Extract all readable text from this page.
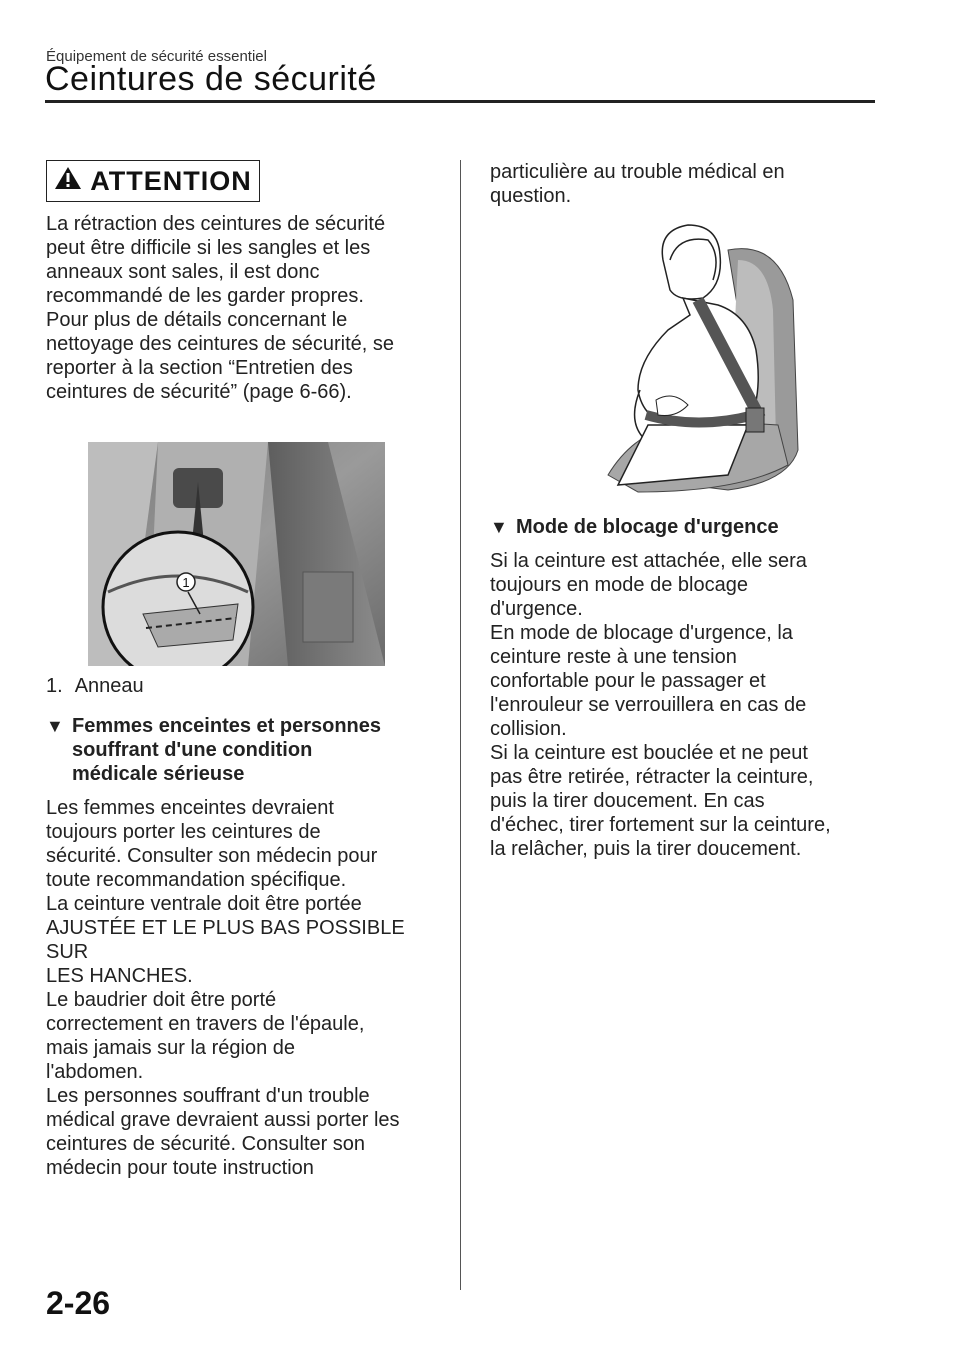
Équipement de sécurité essentiel
Ceintures de sécurité
ATTENTION
La rétraction des ceintures de sécurité
peut être difficile si les sangles et les
anneaux sont sales, il est donc
recommandé de les garder propres.
Pour plus de détails concernant le
nettoyage des ceintures de sécurité, se
reporter à la section “Entretien des
ceintures de sécurité” (page 6-66).
1
1. Anneau
▼ Femmes enceintes et personnes
souffrant d'une condition
médicale sérieuse
Les femmes enceintes devraient
toujours porter les ceintures de
sécurité. Consulter son médecin pour
toute recommandation spécifique.
La ceinture ventrale doit être portée
AJUSTÉE ET LE PLUS BAS POSSIBLE SUR
LES HANCHES.
Le baudrier doit être porté
correctement en travers de l'épaule,
mais jamais sur la région de
l'abdomen.
Les personnes souffrant d'un trouble
médical grave devraient aussi porter les
ceintures de sécurité. Consulter son
médecin pour toute instruction
particulière au trouble médical en
question.
▼ Mode de blocage d'urgence
Si la ceinture est attachée, elle sera
toujours en mode de blocage
d'urgence.
En mode de blocage d'urgence, la
ceinture reste à une tension
confortable pour le passager et
l'enrouleur se verrouillera en cas de
collision.
Si la ceinture est bouclée et ne peut
pas être retirée, rétracter la ceinture,
puis la tirer doucement. En cas
d'échec, tirer fortement sur la ceinture,
la relâcher, puis la tirer doucement.
2-26
